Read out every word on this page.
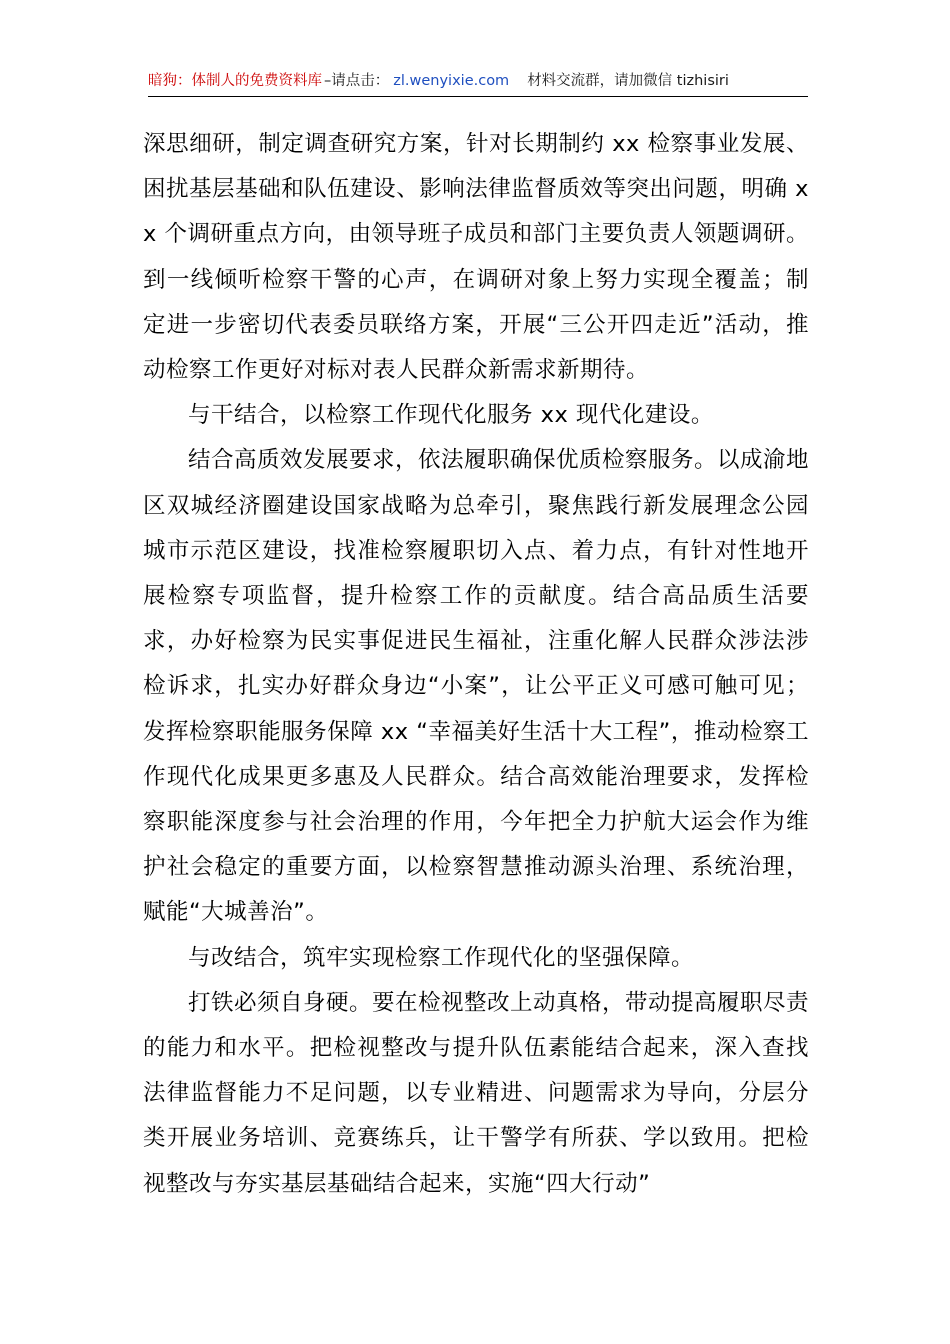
暗狗：体制人的免费资料库 –请点击： zl.wenyixie.com 材料交流群，请加微信 tizhisiri

深思细研，制定调查研究方案，针对长期制约 xx 检察事业发展、困扰基层基础和队伍建设、影响法律监督质效等突出问题，明确 xx 个调研重点方向，由领导班子成员和部门主要负责人领题调研。到一线倾听检察干警的心声，在调研对象上努力实现全覆盖；制定进一步密切代表委员联络方案，开展“三公开四走近”活动，推动检察工作更好对标对表人民群众新需求新期待。

与干结合，以检察工作现代化服务 xx 现代化建设。

结合高质效发展要求，依法履职确保优质检察服务。以成渝地区双城经济圈建设国家战略为总牵引，聚焦践行新发展理念公园城市示范区建设，找准检察履职切入点、着力点，有针对性地开展检察专项监督，提升检察工作的贡献度。结合高品质生活要求，办好检察为民实事促进民生福祉，注重化解人民群众涉法涉检诉求，扎实办好群众身边“小案”，让公平正义可感可触可见；发挥检察职能服务保障 xx “幸福美好生活十大工程”，推动检察工作现代化成果更多惠及人民群众。结合高效能治理要求，发挥检察职能深度参与社会治理的作用，今年把全力护航大运会作为维护社会稳定的重要方面，以检察智慧推动源头治理、系统治理，赋能“大城善治”。

与改结合，筑牢实现检察工作现代化的坚强保障。

打铁必须自身硬。要在检视整改上动真格，带动提高履职尽责的能力和水平。把检视整改与提升队伍素能结合起来，深入查找法律监督能力不足问题，以专业精进、问题需求为导向，分层分类开展业务培训、竞赛练兵，让干警学有所获、学以致用。把检视整改与夯实基层基础结合起来，实施“四大行动”
